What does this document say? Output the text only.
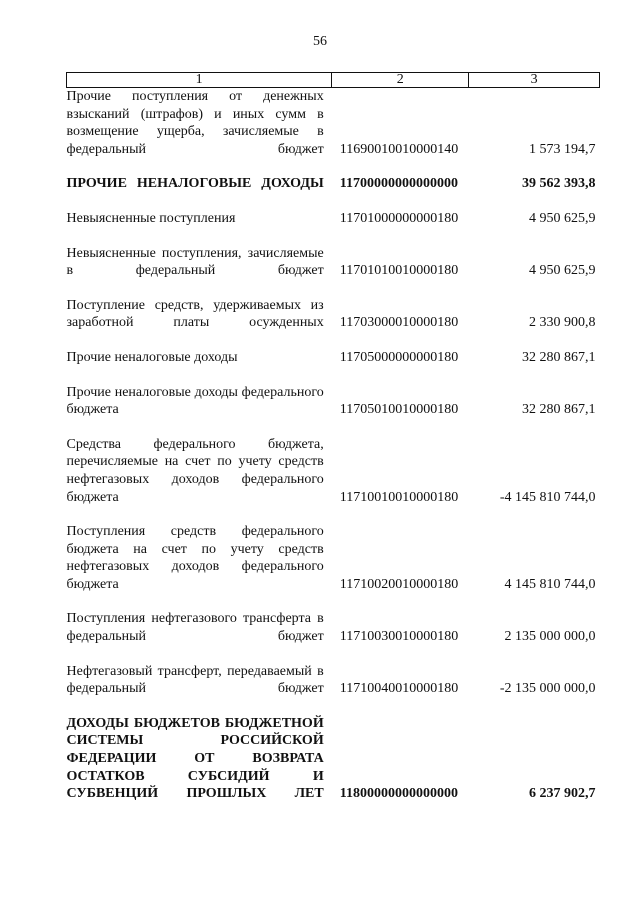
56
1	2	3
Прочие поступления от денежных взысканий (штрафов) и иных сумм в возмещение ущерба, зачисляемые в федеральный бюджет	11690010010000140	1 573 194,7

ПРОЧИЕ НЕНАЛОГОВЫЕ ДОХОДЫ	11700000000000000	39 562 393,8

Невыясненные поступления	11701000000000180	4 950 625,9

Невыясненные поступления, зачисляемые в федеральный бюджет	11701010010000180	4 950 625,9

Поступление средств, удерживаемых из заработной платы осужденных	11703000010000180	2 330 900,8

Прочие неналоговые доходы	11705000000000180	32 280 867,1

Прочие неналоговые доходы федерального бюджета	11705010010000180	32 280 867,1

Средства федерального бюджета, перечисляемые на счет по учету средств нефтегазовых доходов федерального бюджета	11710010010000180	-4 145 810 744,0

Поступления средств федерального бюджета на счет по учету средств нефтегазовых доходов федерального бюджета	11710020010000180	4 145 810 744,0

Поступления нефтегазового трансферта в федеральный бюджет	11710030010000180	2 135 000 000,0

Нефтегазовый трансферт, передаваемый в федеральный бюджет	11710040010000180	-2 135 000 000,0

ДОХОДЫ БЮДЖЕТОВ БЮДЖЕТНОЙ СИСТЕМЫ РОССИЙСКОЙ ФЕДЕРАЦИИ ОТ ВОЗВРАТА ОСТАТКОВ СУБСИДИЙ И СУБВЕНЦИЙ ПРОШЛЫХ ЛЕТ	11800000000000000	6 237 902,7
